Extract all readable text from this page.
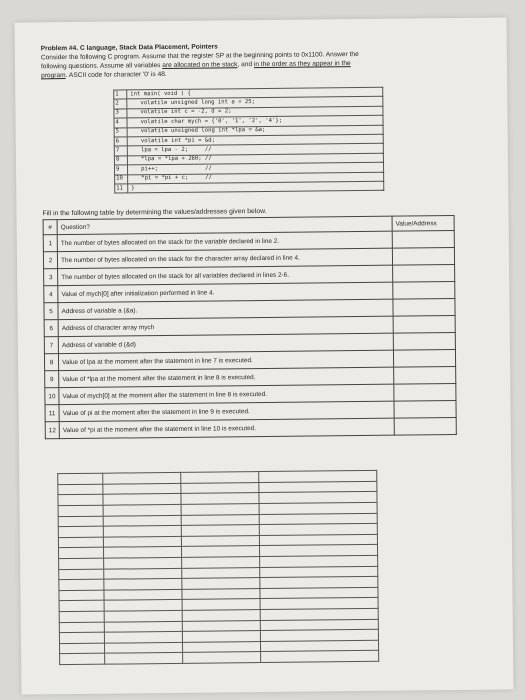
Problem #4. C language, Stack Data Placement, Pointers
Consider the following C program. Assume that the register SP at the beginning points to 0x1100. Answer the
following questions. Assume all variables are allocated on the stack, and in the order as they appear in the
program. ASCII code for character '0' is 48.
1	int main( void ) {
2	volatile unsigned long int a = 25;
3	volatile int c = -2, d = 2;
4	volatile char mych = {'0', '1', '2', '4'};
5	volatile unsigned long int *lpa = &a;
6	volatile int *pi = &d;
7	lpa = lpa - 2;     //
8	*lpa = *lpa + 260; //
9	pi++;              //
10	*pi = *pi + c;     //
11	}
Fill in the following table by determining the values/addresses given below.
#	Question?	Value/Address
1	The number of bytes allocated on the stack for the variable declared in line 2.	
2	The number of bytes allocated on the stack for the character array declared in line 4.	
3	The number of bytes allocated on the stack for all variables declared in lines 2-6.	
4	Value of mych[0] after initialization performed in line 4.	
5	Address of variable a (&a).	
6	Address of character array mych	
7	Address of variable d (&d)	
8	Value of lpa at the moment after the statement in line 7 is executed.	
9	Value of *lpa at the moment after the statement in line 8 is executed.	
10	Value of mych[0] at the moment after the statement in line 8 is executed.	
11	Value of pi at the moment after the statement in line 9 is executed.	
12	Value of *pi at the moment after the statement in line 10 is executed.	
